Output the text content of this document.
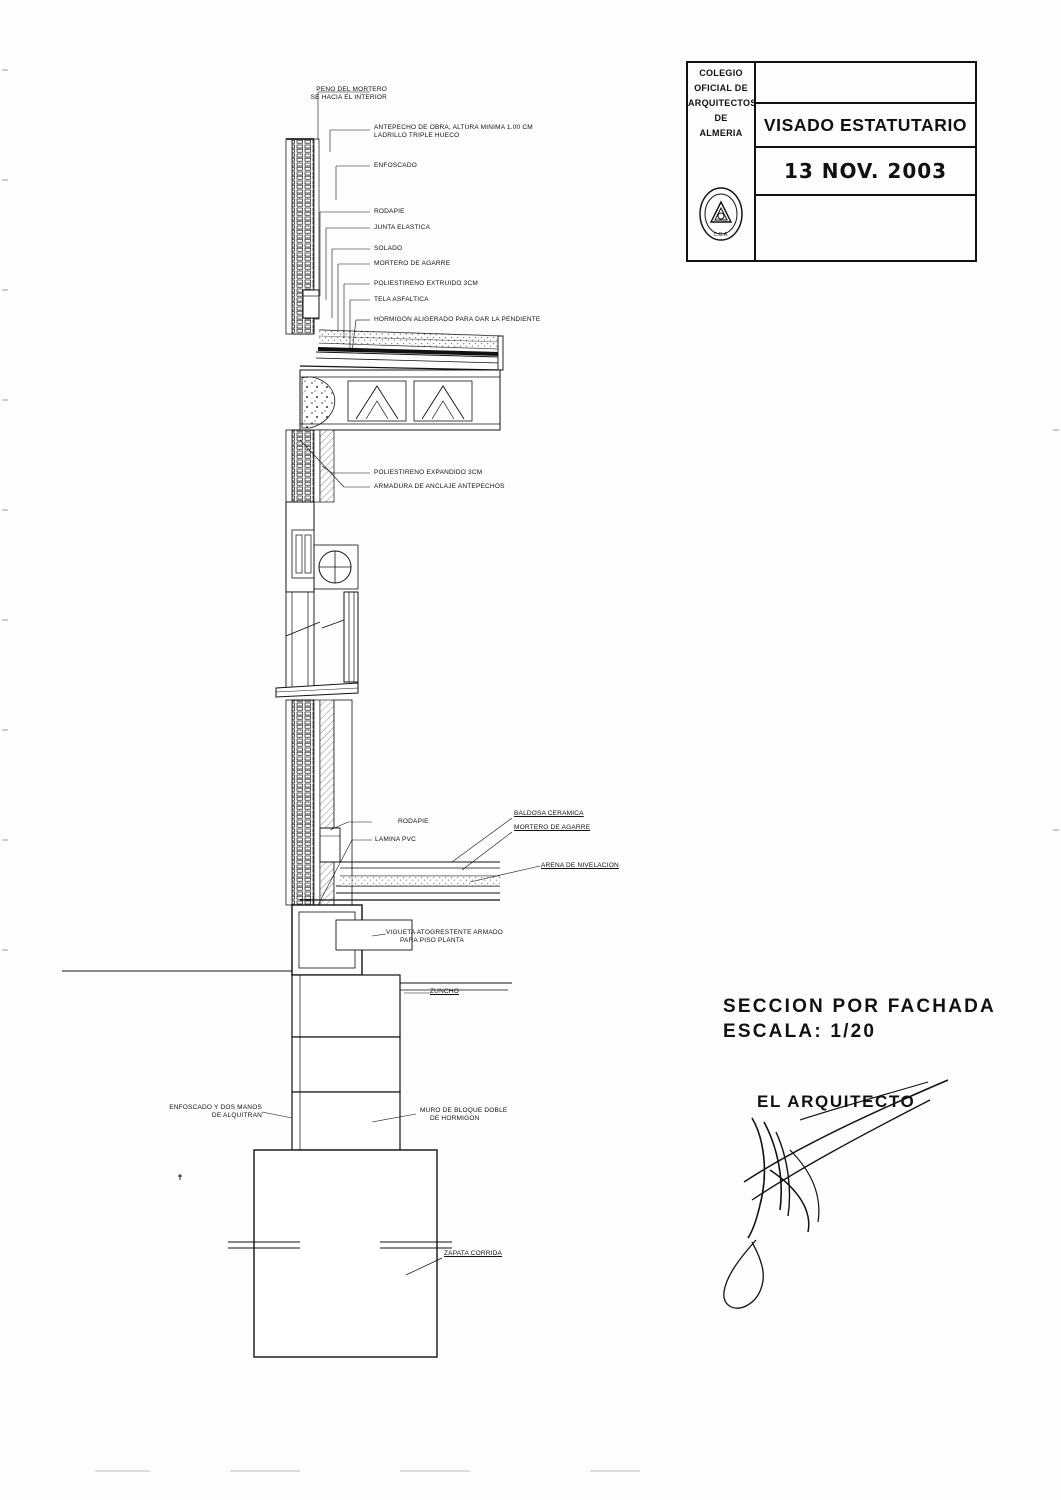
PENO DEL MORTERO
SE HACIA EL INTERIOR
ANTEPECHO DE OBRA, ALTURA MINIMA 1.00 CM
LADRILLO TRIPLE HUECO
ENFOSCADO
RODAPIE
JUNTA ELASTICA
SOLADO
MORTERO DE AGARRE
POLIESTIRENO EXTRUIDO 3CM
TELA ASFALTICA
HORMIGON ALIGERADO PARA DAR LA PENDIENTE
POLIESTIRENO EXPANDIDO 3CM
ARMADURA DE ANCLAJE ANTEPECHOS
RODAPIE
LAMINA PVC
BALDOSA CERAMICA
MORTERO DE AGARRE
ARENA DE NIVELACION
VIGUETA ATOGRESTENTE ARMADO
PARA PISO PLANTA
ZUNCHO
ENFOSCADO Y DOS MANOS
DE ALQUITRAN
MURO DE BLOQUE DOBLE
DE HORMIGON
ZAPATA CORRIDA
COLEGIO
OFICIAL DE
ARQUITECTOS
DE
ALMERIA
C.O.A.
VISADO ESTATUTARIO
13 NOV. 2003
SECCION POR FACHADA
ESCALA: 1/20
EL ARQUITECTO
